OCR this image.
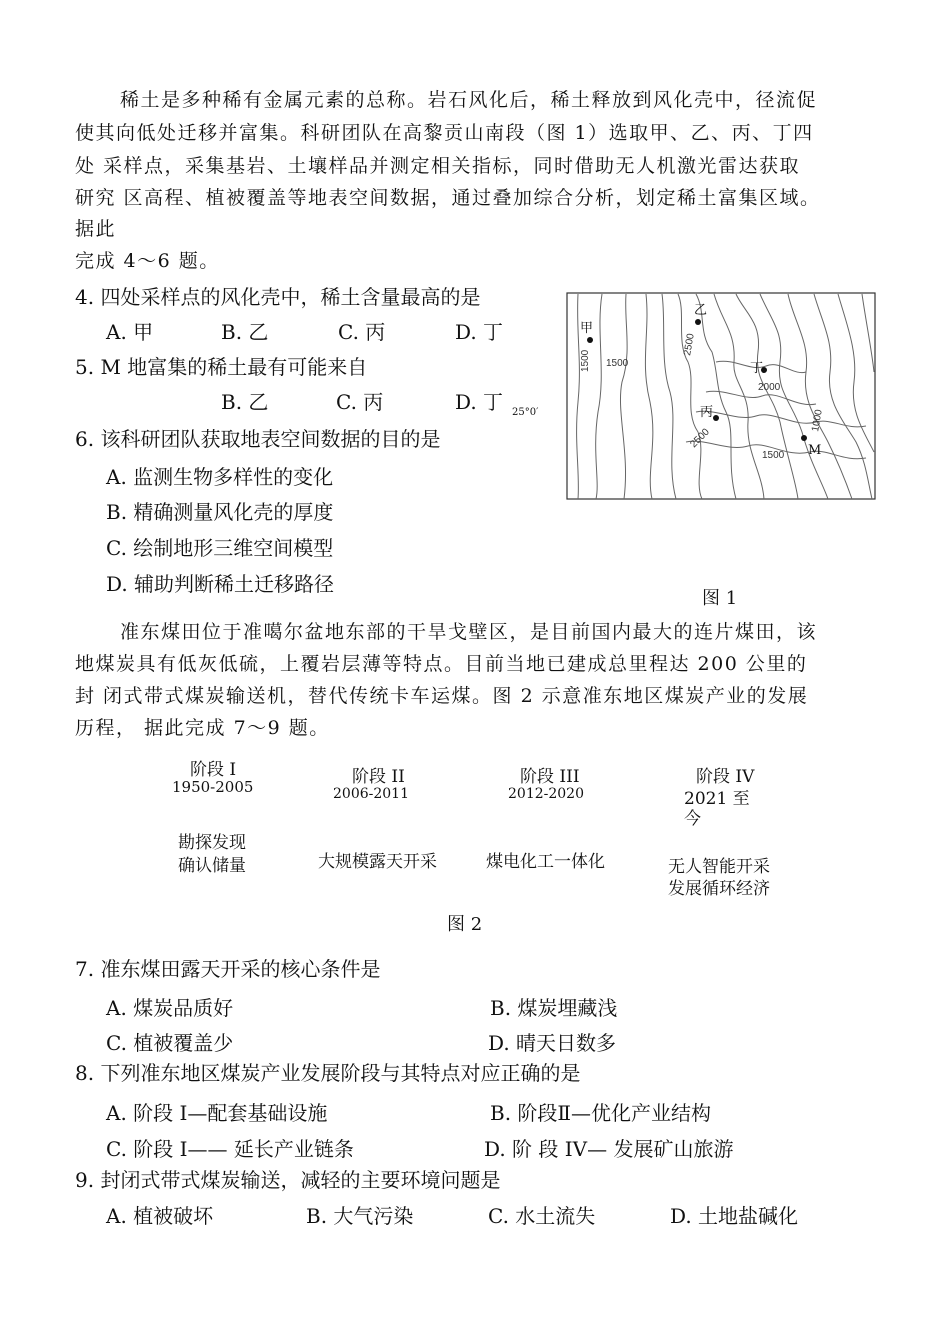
稀土是多种稀有金属元素的总称。岩石风化后，稀土释放到风化壳中，径流促
使其向低处迁移并富集。科研团队在高黎贡山南段（图 1）选取甲、乙、丙、丁四
处 采样点，采集基岩、土壤样品并测定相关指标，同时借助无人机激光雷达获取
研究 区高程、植被覆盖等地表空间数据，通过叠加综合分析，划定稀土富集区域。
据此
完成 4～6 题。
4. 四处采样点的风化壳中，稀土含量最高的是
A. 甲	B. 乙	C. 丙	D. 丁
5. M 地富集的稀土最有可能来自
B. 乙	C. 丙	D. 丁 25°0′
6. 该科研团队获取地表空间数据的目的是
A. 监测生物多样性的变化
B. 精确测量风化壳的厚度
C. 绘制地形三维空间模型
D. 辅助判断稀土迁移路径
1500 1500
2500
2000
1000
2500
1500
甲
乙
丁
丙
M
图 1
准东煤田位于准噶尔盆地东部的干旱戈壁区，是目前国内最大的连片煤田，该
地煤炭具有低灰低硫，上覆岩层薄等特点。目前当地已建成总里程达 200 公里的
封 闭式带式煤炭输送机，替代传统卡车运煤。图 2 示意准东地区煤炭产业的发展
历程， 据此完成 7～9 题。
阶段 I
1950-2005
勘探发现
确认储量
阶段 II
2006-2011
大规模露天开采
阶段 III
2012-2020
煤电化工一体化
阶段 IV
2021 至
今
无人智能开采
发展循环经济
图 2
7. 准东煤田露天开采的核心条件是
A. 煤炭品质好	B. 煤炭埋藏浅
C. 植被覆盖少	D. 晴天日数多
8. 下列准东地区煤炭产业发展阶段与其特点对应正确的是
A. 阶段 I—配套基础设施	B. 阶段Ⅱ—优化产业结构
C. 阶段 I—— 延长产业链条	D. 阶 段 IV— 发展矿山旅游
9. 封闭式带式煤炭输送，减轻的主要环境问题是
A. 植被破坏	B. 大气污染	C. 水土流失	D. 土地盐碱化
